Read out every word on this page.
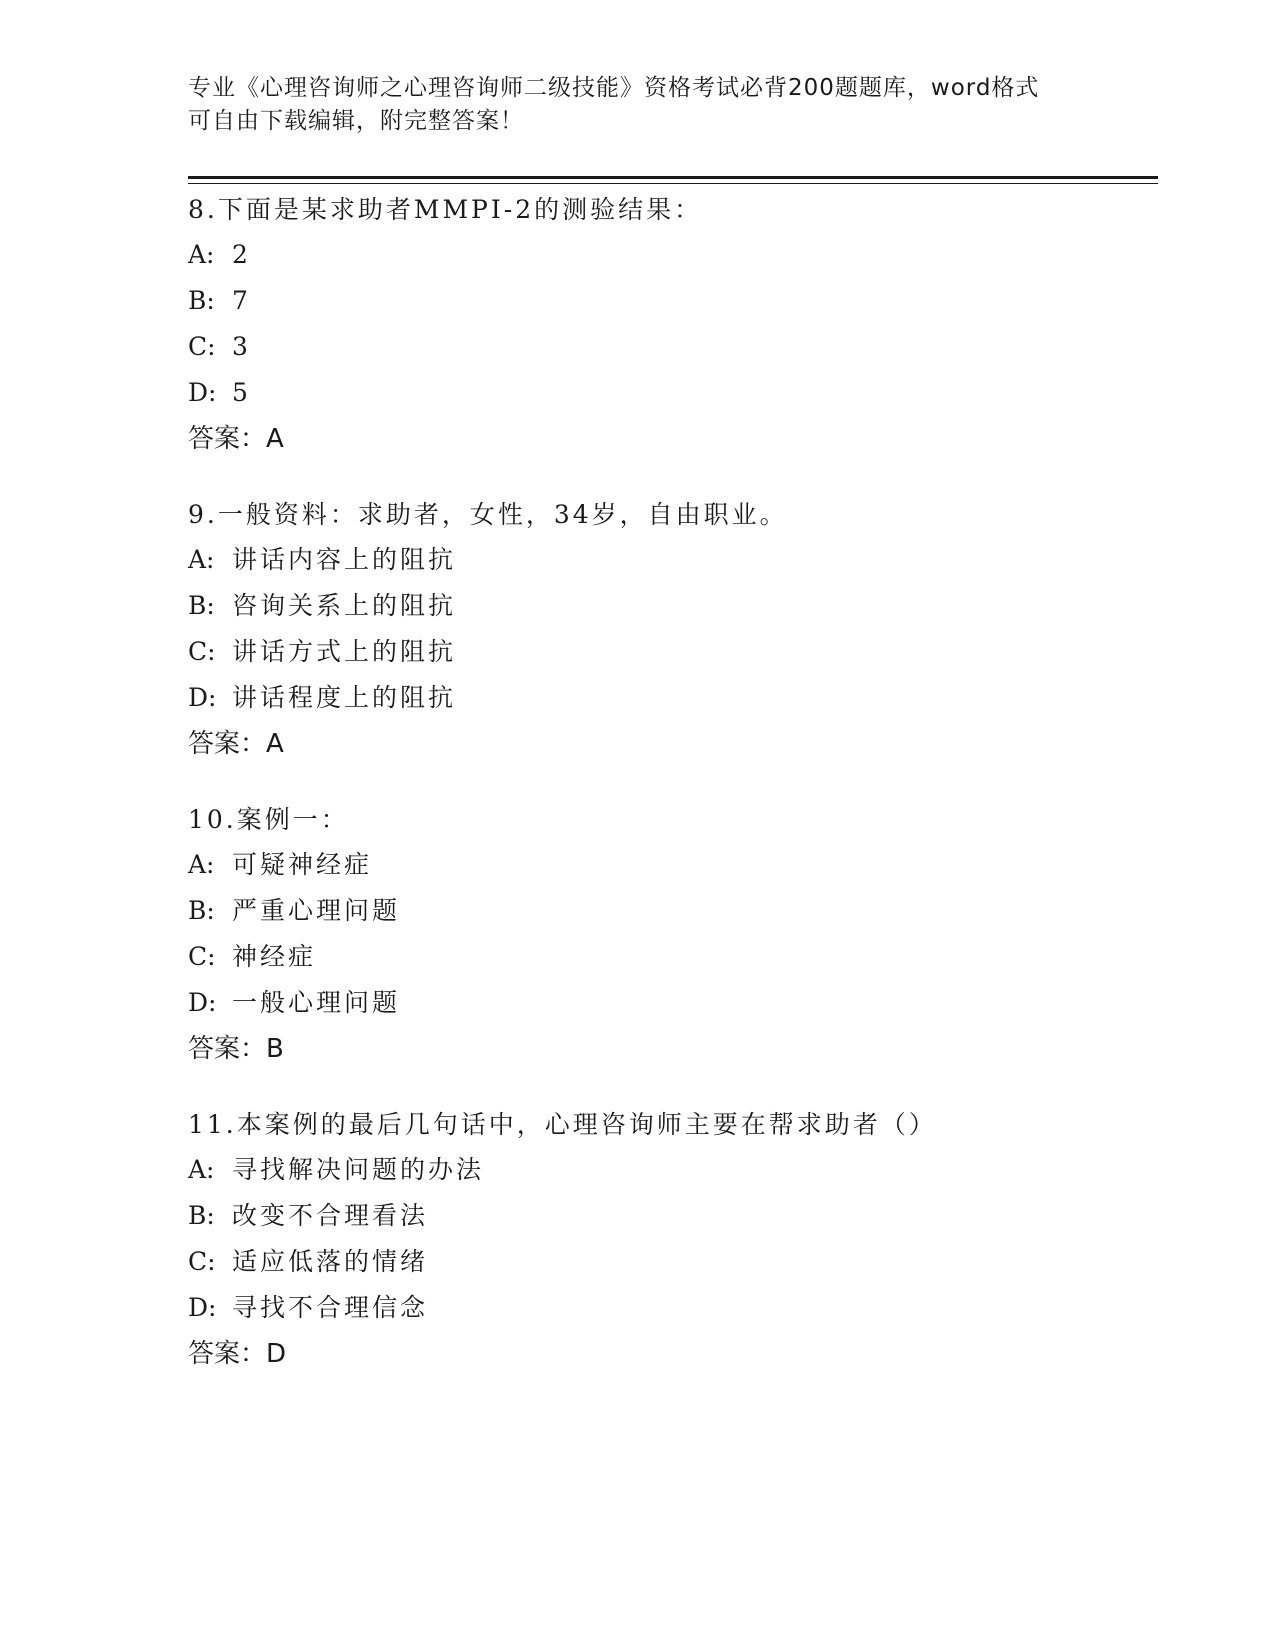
专业《心理咨询师之心理咨询师二级技能》资格考试必背200题题库，word格式
可自由下载编辑，附完整答案！
8.下面是某求助者MMPI-2的测验结果：
A: 2
B: 7
C: 3
D: 5
答案：A
9.一般资料：求助者，女性，34岁，自由职业。
A: 讲话内容上的阻抗
B: 咨询关系上的阻抗
C: 讲话方式上的阻抗
D: 讲话程度上的阻抗
答案：A
10.案例一：
A: 可疑神经症
B: 严重心理问题
C: 神经症
D: 一般心理问题
答案：B
11.本案例的最后几句话中，心理咨询师主要在帮求助者（）
A: 寻找解决问题的办法
B: 改变不合理看法
C: 适应低落的情绪
D: 寻找不合理信念
答案：D
